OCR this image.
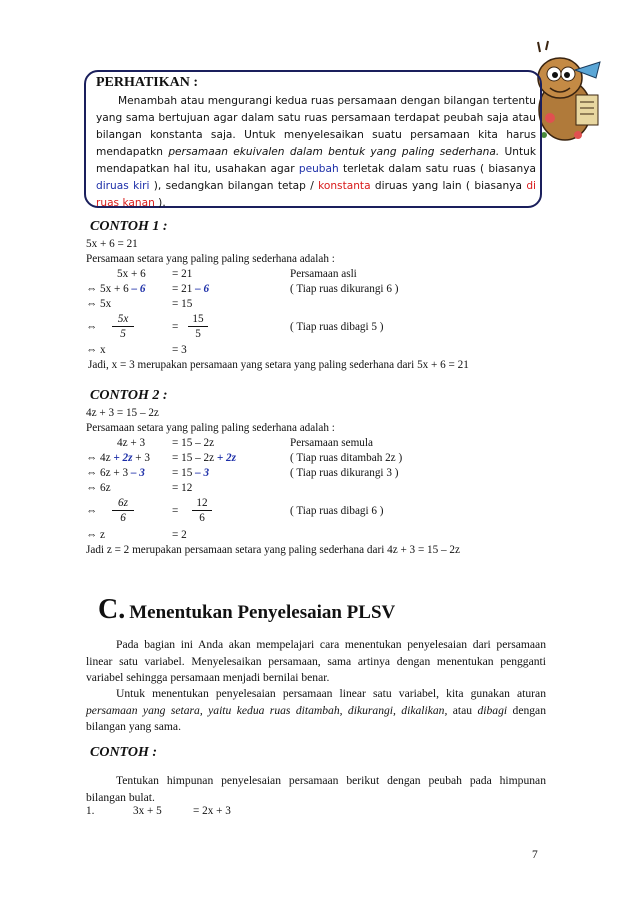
PERHATIKAN :
Menambah atau mengurangi kedua ruas persamaan dengan bilangan tertentu yang sama bertujuan agar dalam satu ruas persamaan terdapat peubah saja atau bilangan konstanta saja. Untuk menyelesaikan suatu persamaan kita harus mendapatkn persamaan ekuivalen dalam bentuk yang paling sederhana. Untuk mendapatkan hal itu, usahakan agar peubah terletak dalam satu ruas ( biasanya diruas kiri ), sedangkan bilangan tetap / konstanta diruas yang lain ( biasanya di ruas kanan ).
CONTOH 1 :
5x + 6 = 21
Persamaan setara yang paling paling sederhana adalah :
5x + 6 = 21	Persamaan asli
⇔ 5x + 6 – 6 = 21 – 6	( Tiap ruas dikurangi 6 )
⇔ 5x	= 15
⇔ $\frac{5x}{5}$	= $\frac{15}{5}$	( Tiap ruas dibagi 5 )
⇔ x	= 3
Jadi, x = 3 merupakan persamaan yang setara yang paling sederhana dari 5x + 6 = 21
CONTOH 2 :
4z + 3 = 15 – 2z
Persamaan setara yang paling paling sederhana adalah :
4z + 3 = 15 – 2z	Persamaan semula
⇔ 4z + 2z + 3 = 15 – 2z + 2z	( Tiap ruas ditambah 2z )
⇔ 6z + 3 – 3 = 15 – 3	( Tiap ruas dikurangi 3 )
⇔ 6z	= 12
⇔ $\frac{6z}{6}$	= $\frac{12}{6}$	( Tiap ruas dibagi 6 )
⇔ z	= 2
Jadi z = 2 merupakan persamaan setara yang paling sederhana dari 4z + 3 = 15 – 2z
C. Menentukan Penyelesaian PLSV
Pada bagian ini Anda akan mempelajari cara menentukan penyelesaian dari persamaan linear satu variabel. Menyelesaikan persamaan, sama artinya dengan menentukan pengganti variabel sehingga persamaan menjadi bernilai benar.
Untuk menentukan penyelesaian persamaan linear satu variabel, kita gunakan aturan persamaan yang setara, yaitu kedua ruas ditambah, dikurangi, dikalikan, atau dibagi dengan bilangan yang sama.
CONTOH :
Tentukan himpunan penyelesaian persamaan berikut dengan peubah pada himpunan bilangan bulat.
1.	3x + 5	= 2x + 3
7
